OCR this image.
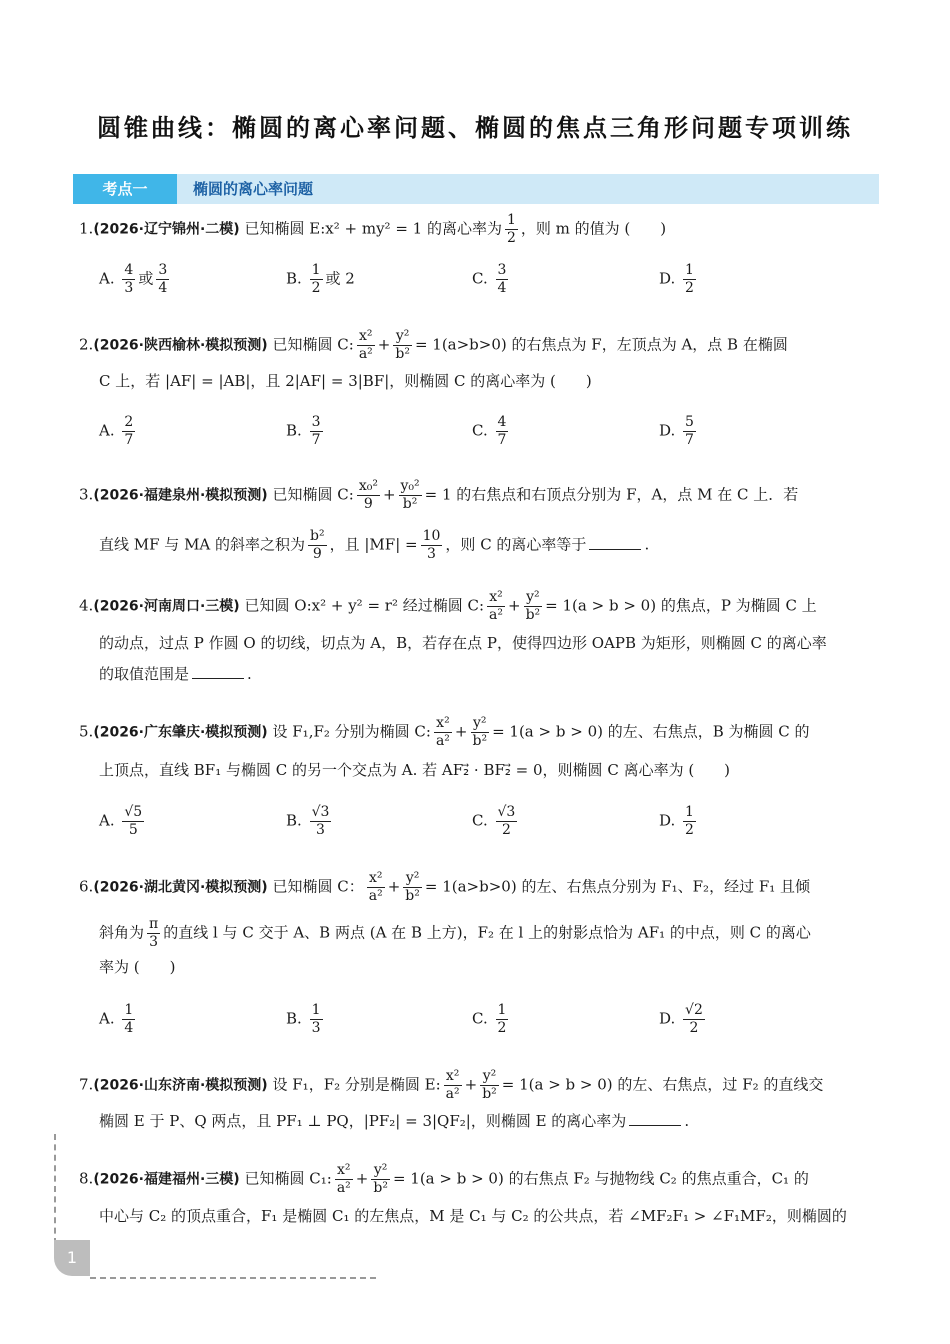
圆锥曲线：椭圆的离心率问题、椭圆的焦点三角形问题专项训练
考点一	椭圆的离心率问题
1.(2026·辽宁锦州·二模) 已知椭圆 E:x² + my² = 1 的离心率为 $\frac{1}{2}$ ，则 m 的值为 (　　)
A. $\frac{4}{3}$ 或 $\frac{3}{4}$	B. $\frac{1}{2}$ 或 2	C. $\frac{3}{4}$	D. $\frac{1}{2}$
2.(2026·陕西榆林·模拟预测) 已知椭圆 C: $\frac{\text{x²}}{\text{a²}} + \frac{\text{y²}}{\text{b²}} = 1(a>b>0)$ 的右焦点为 F，左顶点为 A，点 B 在椭圆
C 上，若 |AF| = |AB|，且 2|AF| = 3|BF|，则椭圆 C 的离心率为 (　　)
A. $\frac{2}{7}$	B. $\frac{3}{7}$	C. $\frac{4}{7}$	D. $\frac{5}{7}$
3.(2026·福建泉州·模拟预测) 已知椭圆 C: $\frac{\text{x₀²}}{9} + \frac{\text{y₀²}}{\text{b²}} = 1$ 的右焦点和右顶点分别为 F，A，点 M 在 C 上．若
直线 MF 与 MA 的斜率之积为 $\frac{\text{b²}}{9}$ ，且 $|MF| = \frac{10}{3}$ ，则 C 的离心率等于	.
4.(2026·河南周口·三模) 已知圆 O:x² + y² = r² 经过椭圆 C: $\frac{\text{x²}}{\text{a²}} + \frac{\text{y²}}{\text{b²}} = 1(a > b > 0)$ 的焦点，P 为椭圆 C 上
的动点，过点 P 作圆 O 的切线，切点为 A，B，若存在点 P，使得四边形 OAPB 为矩形，则椭圆 C 的离心率
的取值范围是	.
5.(2026·广东肇庆·模拟预测) 设 F₁,F₂ 分别为椭圆 C: $\frac{\text{x²}}{\text{a²}} + \frac{\text{y²}}{\text{b²}} = 1(a > b > 0)$ 的左、右焦点，B 为椭圆 C 的
上顶点，直线 BF₁ 与椭圆 C 的另一个交点为 A. 若 AF₂⃗ · BF₂⃗ = 0，则椭圆 C 离心率为 (　　)
A. $\frac{√5}{5}$	B. $\frac{√3}{3}$	C. $\frac{√3}{2}$	D. $\frac{1}{2}$
6.(2026·湖北黄冈·模拟预测) 已知椭圆 C： $\frac{\text{x²}}{\text{a²}} + \frac{\text{y²}}{\text{b²}} = 1(a>b>0)$ 的左、右焦点分别为 F₁、F₂，经过 F₁ 且倾
斜角为 $\frac{\pi}{3}$ 的直线 l 与 C 交于 A、B 两点 (A 在 B 上方)，F₂ 在 l 上的射影点恰为 AF₁ 的中点，则 C 的离心
率为 (　　)
A. $\frac{1}{4}$	B. $\frac{1}{3}$	C. $\frac{1}{2}$	D. $\frac{√2}{2}$
7.(2026·山东济南·模拟预测) 设 F₁，F₂ 分别是椭圆 E: $\frac{\text{x²}}{\text{a²}} + \frac{\text{y²}}{\text{b²}} = 1(a > b > 0)$ 的左、右焦点，过 F₂ 的直线交
椭圆 E 于 P、Q 两点，且 PF₁ ⊥ PQ，|PF₂| = 3|QF₂|，则椭圆 E 的离心率为	.
8.(2026·福建福州·三模) 已知椭圆 C₁: $\frac{\text{x²}}{\text{a²}} + \frac{\text{y²}}{\text{b²}} = 1(a > b > 0)$ 的右焦点 F₂ 与抛物线 C₂ 的焦点重合，C₁ 的
中心与 C₂ 的顶点重合，F₁ 是椭圆 C₁ 的左焦点，M 是 C₁ 与 C₂ 的公共点，若 ∠MF₂F₁ > ∠F₁MF₂，则椭圆的
1
